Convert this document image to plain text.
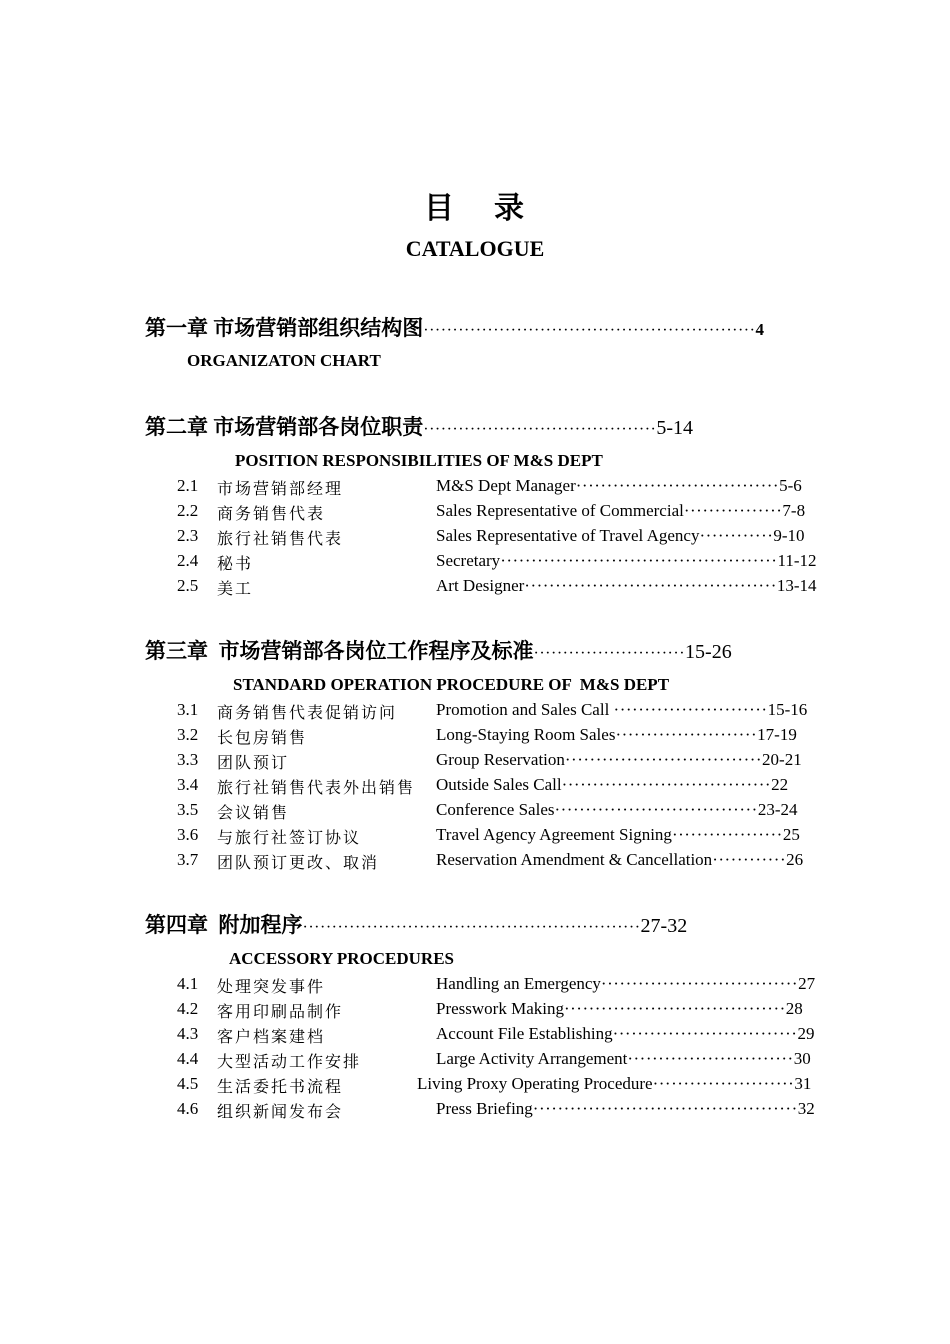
目    录
CATALOGUE
第一章 市场营销部组织结构图·························································4
ORGANIZATON CHART
第二章 市场营销部各岗位职责········································5-14
POSITION RESPONSIBILITIES OF M&S DEPT
2.1 市场营销部经理	M&S Dept Manager·································5-6
2.2 商务销售代表	Sales Representative of Commercial················7-8
2.3 旅行社销售代表	Sales Representative of Travel Agency············9-10
2.4 秘书	Secretary·············································11-12
2.5 美工	Art Designer·········································13-14
第三章  市场营销部各岗位工作程序及标准··························15-26
STANDARD OPERATION PROCEDURE OF  M&S DEPT
3.1 商务销售代表促销访问 Promotion and Sales Call ·························15-16
3.2 长包房销售	Long-Staying Room Sales·······················17-19
3.3 团队预订	Group Reservation································20-21
3.4 旅行社销售代表外出销售 Outside Sales Call··································22
3.5 会议销售	Conference Sales·································23-24
3.6 与旅行社签订协议	Travel Agency Agreement Signing··················25
3.7 团队预订更改、取消	Reservation Amendment & Cancellation············26
第四章  附加程序··························································27-32
ACCESSORY PROCEDURES
4.1 处理突发事件	Handling an Emergency································27
4.2 客用印刷品制作	Presswork Making····································28
4.3 客户档案建档	Account File Establishing······························29
4.4 大型活动工作安排	Large Activity Arrangement···························30
4.5 生活委托书流程	Living Proxy Operating Procedure·······················31
4.6 组织新闻发布会	Press Briefing···········································32
